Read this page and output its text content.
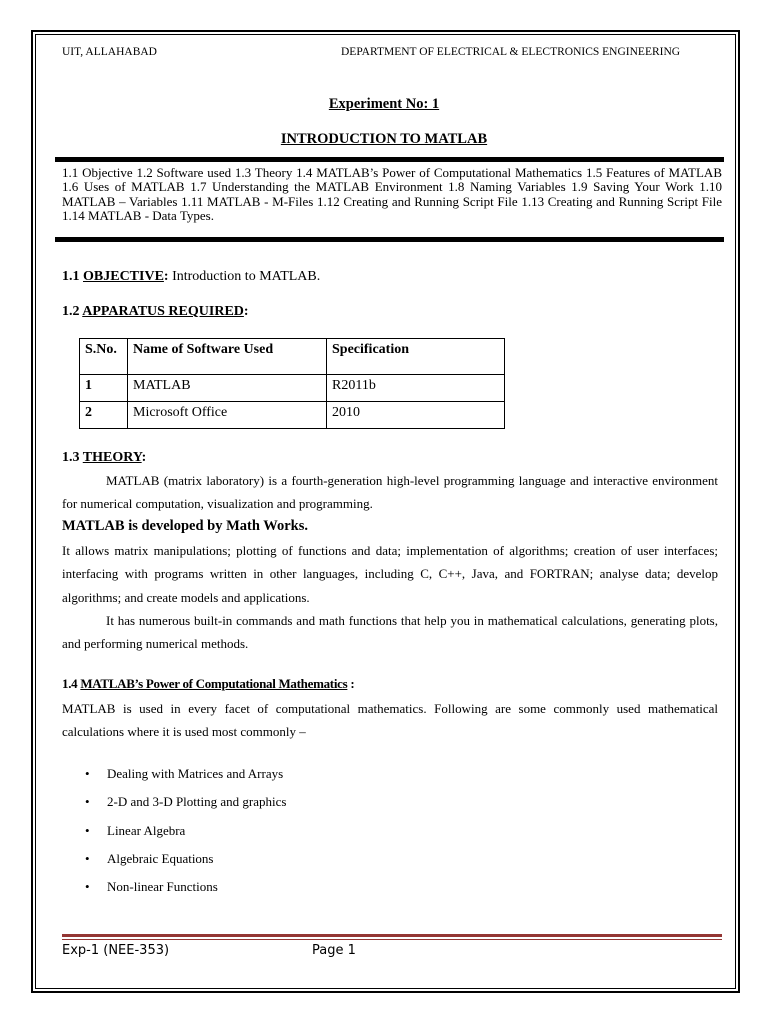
UIT, ALLAHABAD	DEPARTMENT OF ELECTRICAL & ELECTRONICS ENGINEERING
Experiment No: 1
INTRODUCTION TO MATLAB
1.1 Objective 1.2 Software used 1.3 Theory 1.4 MATLAB’s Power of Computational Mathematics 1.5 Features of MATLAB 1.6 Uses of MATLAB 1.7 Understanding the MATLAB Environment 1.8 Naming Variables 1.9 Saving Your Work 1.10 MATLAB – Variables 1.11 MATLAB - M-Files 1.12 Creating and Running Script File 1.13 Creating and Running Script File 1.14 MATLAB - Data Types.
1.1 OBJECTIVE: Introduction to MATLAB.
1.2 APPARATUS REQUIRED:
S.No.	Name of Software Used	Specification
1	MATLAB	R2011b
2	Microsoft Office	2010
1.3 THEORY:
MATLAB (matrix laboratory) is a fourth-generation high-level programming language and interactive environment for numerical computation, visualization and programming.
MATLAB is developed by Math Works.
It allows matrix manipulations; plotting of functions and data; implementation of algorithms; creation of user interfaces; interfacing with programs written in other languages, including C, C++, Java, and FORTRAN; analyse data; develop algorithms; and create models and applications.
It has numerous built-in commands and math functions that help you in mathematical calculations, generating plots, and performing numerical methods.
1.4 MATLAB’s Power of Computational Mathematics :
MATLAB is used in every facet of computational mathematics. Following are some commonly used mathematical calculations where it is used most commonly –
• Dealing with Matrices and Arrays
• 2-D and 3-D Plotting and graphics
• Linear Algebra
• Algebraic Equations
• Non-linear Functions
Exp-1 (NEE-353)	Page 1
